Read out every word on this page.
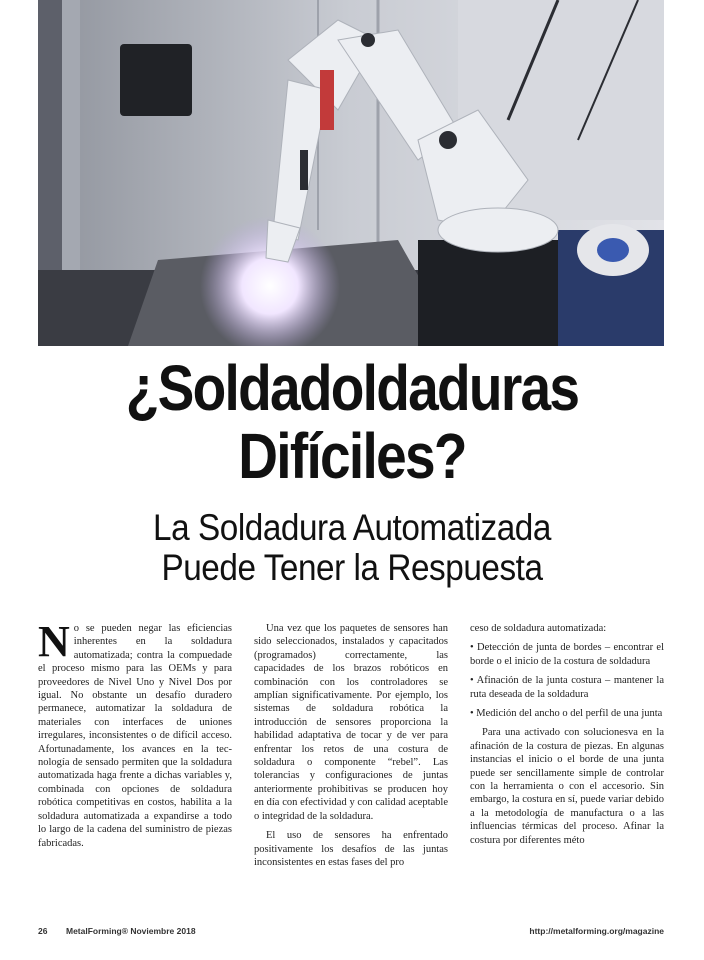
¿Soldadoldaduras
Difíciles?
La Soldadura Automatizada
Puede Tener la Respuesta

No se pueden negar las eficiencias inherentes en la soldadura automatizada; contra la compuedade el proceso mismo para las OEMs y para proveedores de Nivel Uno y Nivel Dos por igual. No obstante un desafío duradero permanece, automatizar la soldadura de materiales con interfaces de uniones irregulares, inconsistentes o de difícil acceso. Afortunadamente, los avances en la tecnología de sensado permiten que la soldadura automatizada haga frente a dichas variables y, combinada con opciones de soldadura robótica competitivas en costos, habilita a la soldadura automatizada a expandirse a todo lo largo de la cadena del suministro de piezas fabricadas.

Una vez que los paquetes de sensores han sido seleccionados, instalados y capacitados (programados) correctamente, las capacidades de los brazos robóticos en combinación con los controladores se amplían significativamente. Por ejemplo, los sistemas de soldadura robótica la introducción de sensores proporciona la habilidad adaptativa de tocar y de ver para enfrentar los retos de una costura de soldadura o componente “rebel”. Las tolerancias y configuraciones de juntas anteriormente prohibitivas se producen hoy en día con efectividad y con calidad aceptable o integridad de la soldadura.

El uso de sensores ha enfrentado positivamente los desafíos de las juntas inconsistentes en estas fases del pro

ceso de soldadura automatizada:

• Detección de junta de bordes – encontrar el borde o el inicio de la costura de soldadura

• Afinación de la junta costura – mantener la ruta deseada de la soldadura

• Medición del ancho o del perfil de una junta

Para una activado con solucionesva en la afinación de la costura de piezas. En algunas instancias el inicio o el borde de una junta puede ser sencillamente simple de controlar con la herramienta o con el accesorio. Sin embargo, la costura en sí, puede variar debido a la metodología de manufactura o a las influencias térmicas del proceso. Afinar la costura por diferentes méto

26 MetalForming® Noviembre 2018	http://metalforming.org/magazine
